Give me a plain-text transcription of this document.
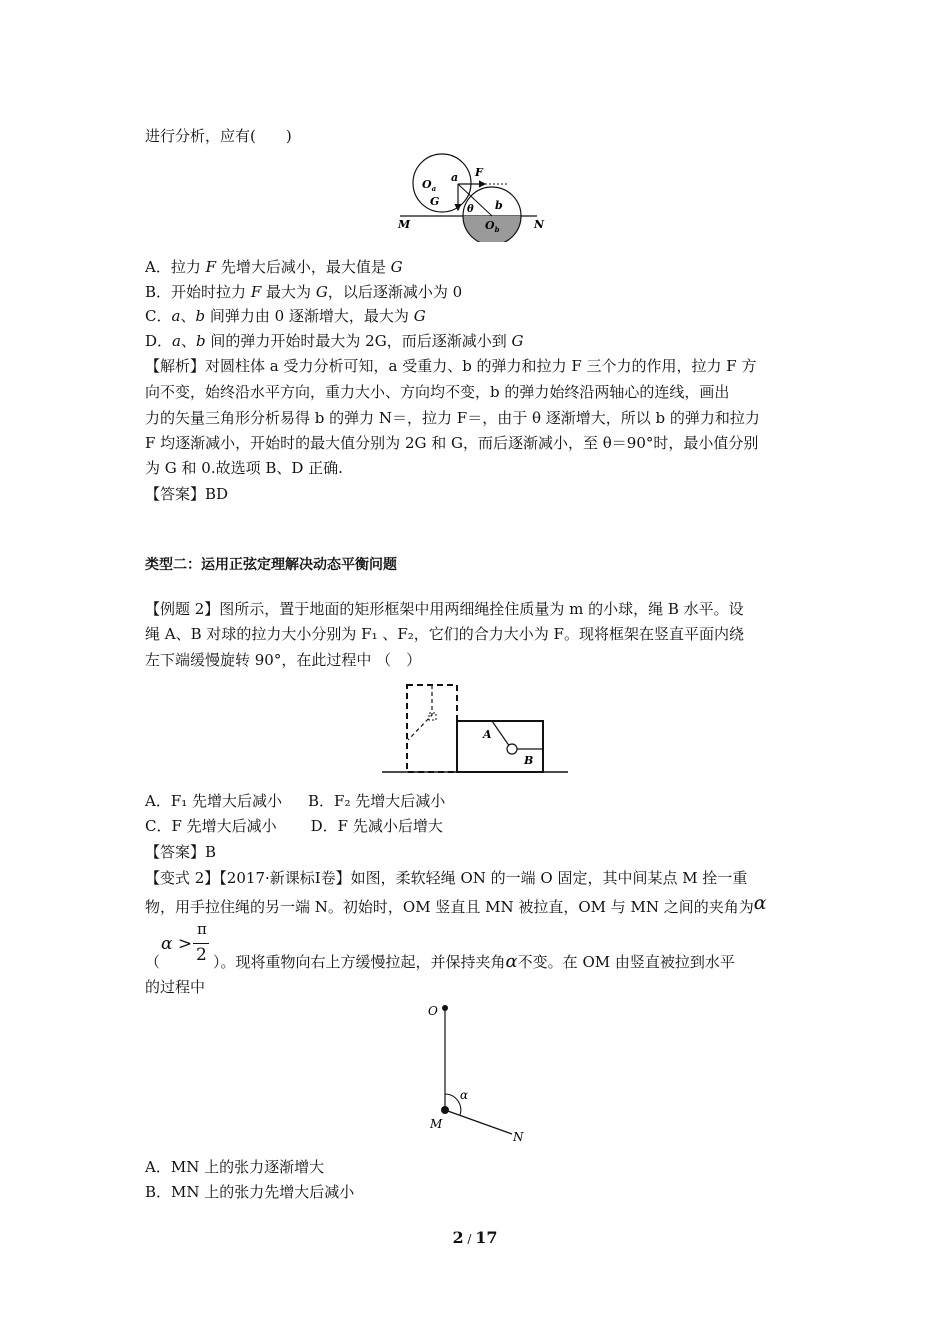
进行分析，应有(　　)
$O_a$
a F
G
θ b
$O_b$
M	N
A．拉力 F 先增大后减小，最大值是 G
B．开始时拉力 F 最大为 G，以后逐渐减小为 0
C．a、b 间弹力由 0 逐渐增大，最大为 G
D．a、b 间的弹力开始时最大为 2G，而后逐渐减小到 G
【解析】对圆柱体 a 受力分析可知，a 受重力、b 的弹力和拉力 F 三个力的作用，拉力 F 方
向不变，始终沿水平方向，重力大小、方向均不变，b 的弹力始终沿两轴心的连线，画出
力的矢量三角形分析易得 b 的弹力 N＝，拉力 F＝，由于 θ 逐渐增大，所以 b 的弹力和拉力
F 均逐渐减小，开始时的最大值分别为 2G 和 G，而后逐渐减小，至 θ＝90°时，最小值分别
为 G 和 0.故选项 B、D 正确.
【答案】BD
类型二：运用正弦定理解决动态平衡问题
【例题 2】图所示，置于地面的矩形框架中用两细绳拴住质量为 m 的小球，绳 B 水平。设
绳 A、B 对球的拉力大小分别为 F₁ 、F₂，它们的合力大小为 F。现将框架在竖直平面内绕
左下端缓慢旋转 90°，在此过程中 （　）
A
B
A．F₁ 先增大后减小 B．F₂ 先增大后减小
C．F 先增大后减小 D．F 先减小后增大
【答案】B
【变式 2】【2017·新课标Ⅰ卷】如图，柔软轻绳 ON 的一端 O 固定，其中间某点 M 拴一重
物，用手拉住绳的另一端 N。初始时，OM 竖直且 MN 被拉直，OM 与 MN 之间的夹角为α
（
α >
π
2 ）。现将重物向右上方缓慢拉起，并保持夹角α不变。在 OM 由竖直被拉到水平
的过程中
O
M
N
α
A．MN 上的张力逐渐增大
B．MN 上的张力先增大后减小
2 / 17
